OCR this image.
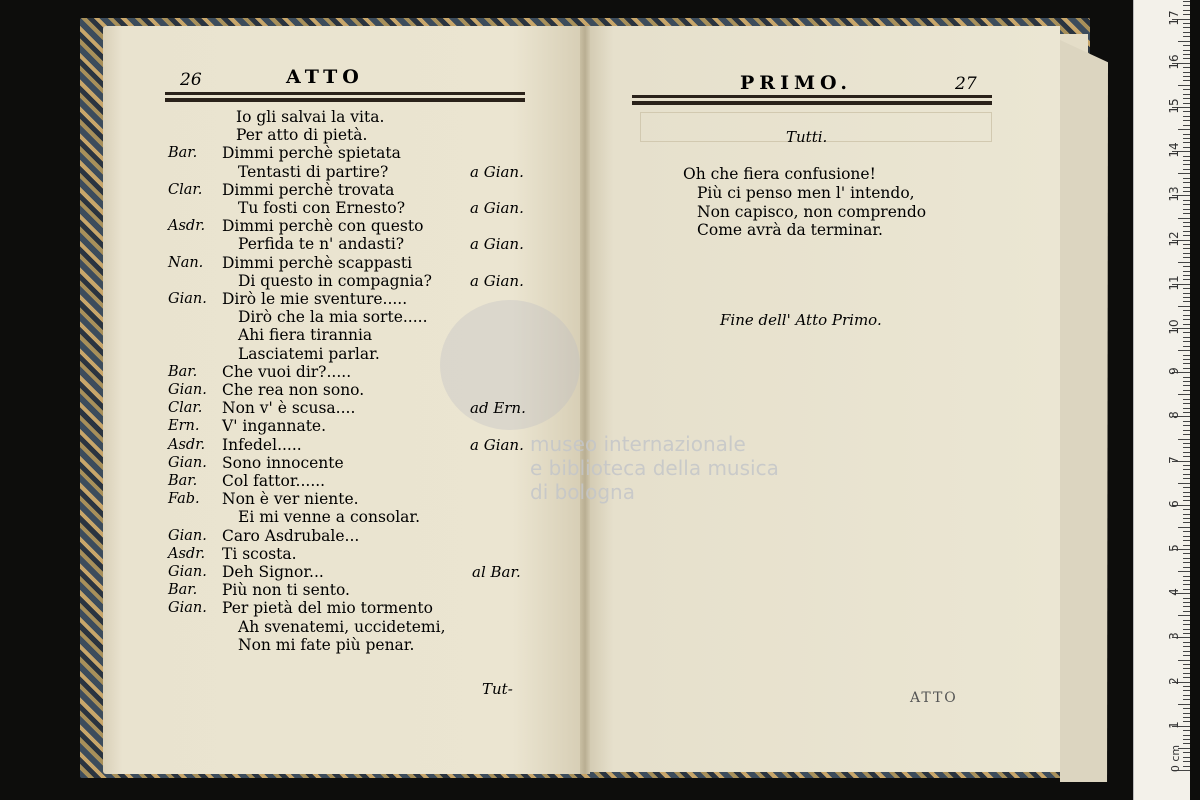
26	ATTO	PRIMO.	27
museo internazionale
e biblioteca della musica
di bologna
Io gli salvai la vita.
Per atto di pietà.
Bar. Dimmi perchè spietata
Tentasti di partire?	a Gian.
Clar. Dimmi perchè trovata
Tu fosti con Ernesto?	a Gian.
Asdr. Dimmi perchè con questo
Perfida te n' andasti?	a Gian.
Nan. Dimmi perchè scappasti
Di questo in compagnia?	a Gian.
Gian. Dirò le mie sventure.....
Dirò che la mia sorte.....
Ahi fiera tirannia
Lasciatemi parlar.
Bar. Che vuoi dir?.....
Gian. Che rea non sono.
Clar. Non v' è scusa....	ad Ern.
Ern. V' ingannate.
Asdr. Infedel.....	a Gian.
Gian. Sono innocente
Bar. Col fattor......
Fab. Non è ver niente.
Ei mi venne a consolar.
Gian. Caro Asdrubale...
Asdr. Ti scosta.
Gian. Deh Signor...	al Bar.
Bar. Più non ti sento.
Gian. Per pietà del mio tormento
Ah svenatemi, uccidetemi,
Non mi fate più penar.
Tut-
Tutti.
Oh che fiera confusione!
Più ci penso men l' intendo,
Non capisco, non comprendo
Come avrà da terminar.
Fine dell' Atto Primo.
ATTO
1
2
3
4
5
6
7
8
9
10
11
12
13
14
15
16
17
0 cm
